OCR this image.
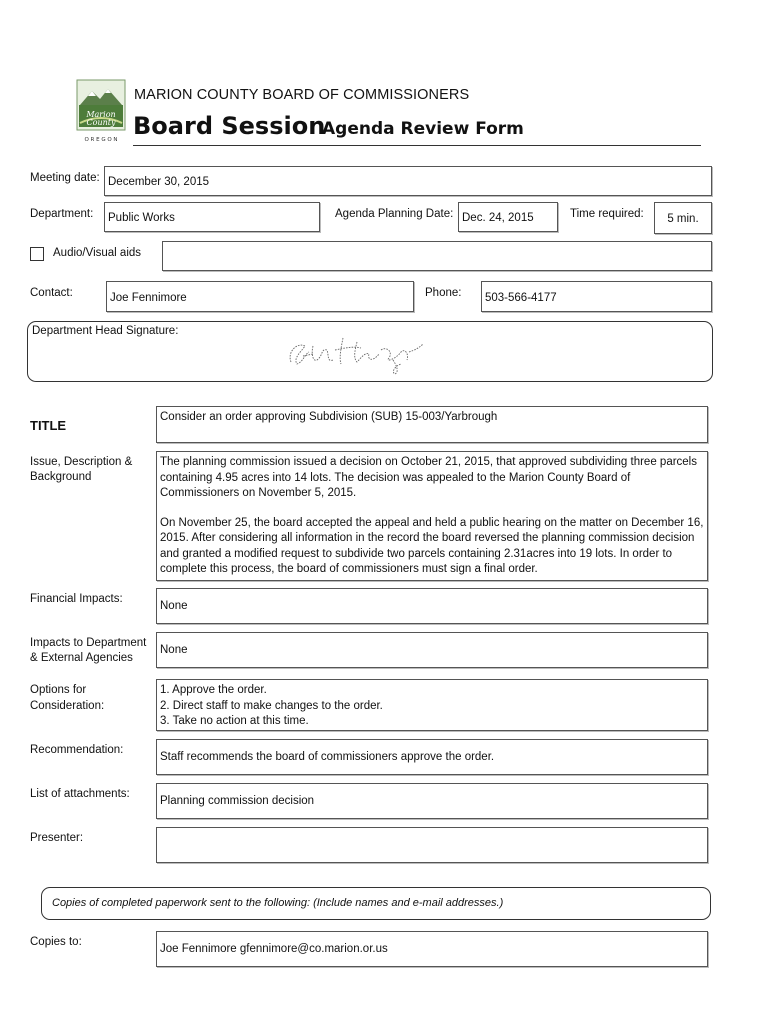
Marion
County
O R E G O N
MARION COUNTY BOARD OF COMMISSIONERS
Board Session
Agenda Review Form
Meeting date: December 30, 2015
Department: Public Works	Agenda Planning Date: Dec. 24, 2015	Time required:	5 min.
Audio/Visual aids
Contact:	Joe Fennimore	Phone: 503-566-4177
Department Head Signature:
TITLE
Consider an order approving Subdivision (SUB) 15-003/Yarbrough
Issue, Description &
Background

The planning commission issued a decision on October 21, 2015, that approved subdividing three parcels containing 4.95 acres into 14 lots. The decision was appealed to the Marion County Board of Commissioners on November 5, 2015.

On November 25, the board accepted the appeal and held a public hearing on the matter on December 16, 2015. After considering all information in the record the board reversed the planning commission decision and granted a modified request to subdivide two parcels containing 2.31acres into 19 lots. In order to complete this process, the board of commissioners must sign a final order.

Financial Impacts:
None
Impacts to Department
& External Agencies
None
Options for
Consideration:
1. Approve the order.
2. Direct staff to make changes to the order.
3. Take no action at this time.
Recommendation:
Staff recommends the board of commissioners approve the order.
List of attachments:
Planning commission decision
Presenter:
Copies of completed paperwork sent to the following: (Include names and e-mail addresses.)
Copies to:
Joe Fennimore gfennimore@co.marion.or.us
